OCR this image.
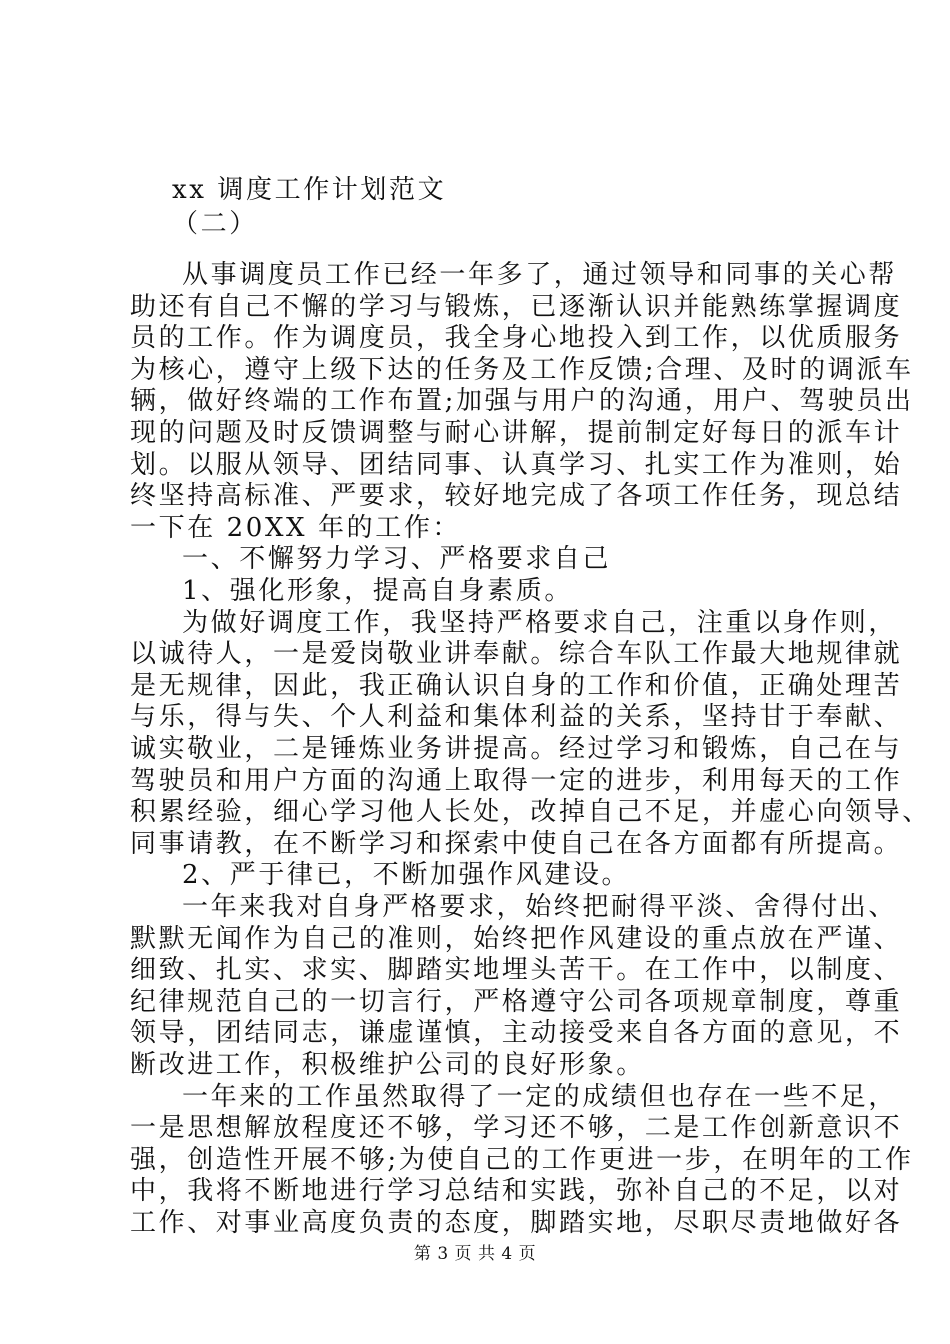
xx 调度工作计划范文
（二）
从事调度员工作已经一年多了，通过领导和同事的关心帮
助还有自己不懈的学习与锻炼，已逐渐认识并能熟练掌握调度
员的工作。作为调度员，我全身心地投入到工作，以优质服务
为核心，遵守上级下达的任务及工作反馈;合理、及时的调派车
辆，做好终端的工作布置;加强与用户的沟通，用户、驾驶员出
现的问题及时反馈调整与耐心讲解，提前制定好每日的派车计
划。以服从领导、团结同事、认真学习、扎实工作为准则，始
终坚持高标准、严要求，较好地完成了各项工作任务，现总结
一下在 20XX 年的工作：
一、不懈努力学习、严格要求自己
1、强化形象，提高自身素质。
为做好调度工作，我坚持严格要求自己，注重以身作则，
以诚待人，一是爱岗敬业讲奉献。综合车队工作最大地规律就
是无规律，因此，我正确认识自身的工作和价值，正确处理苦
与乐，得与失、个人利益和集体利益的关系，坚持甘于奉献、
诚实敬业，二是锤炼业务讲提高。经过学习和锻炼，自己在与
驾驶员和用户方面的沟通上取得一定的进步，利用每天的工作
积累经验，细心学习他人长处，改掉自己不足，并虚心向领导、
同事请教，在不断学习和探索中使自己在各方面都有所提高。
2、严于律已，不断加强作风建设。
一年来我对自身严格要求，始终把耐得平淡、舍得付出、
默默无闻作为自己的准则，始终把作风建设的重点放在严谨、
细致、扎实、求实、脚踏实地埋头苦干。在工作中，以制度、
纪律规范自己的一切言行，严格遵守公司各项规章制度，尊重
领导，团结同志，谦虚谨慎，主动接受来自各方面的意见，不
断改进工作，积极维护公司的良好形象。
一年来的工作虽然取得了一定的成绩但也存在一些不足，
一是思想解放程度还不够，学习还不够，二是工作创新意识不
强，创造性开展不够;为使自己的工作更进一步，在明年的工作
中，我将不断地进行学习总结和实践，弥补自己的不足，以对
工作、对事业高度负责的态度，脚踏实地，尽职尽责地做好各
第 3 页 共 4 页
